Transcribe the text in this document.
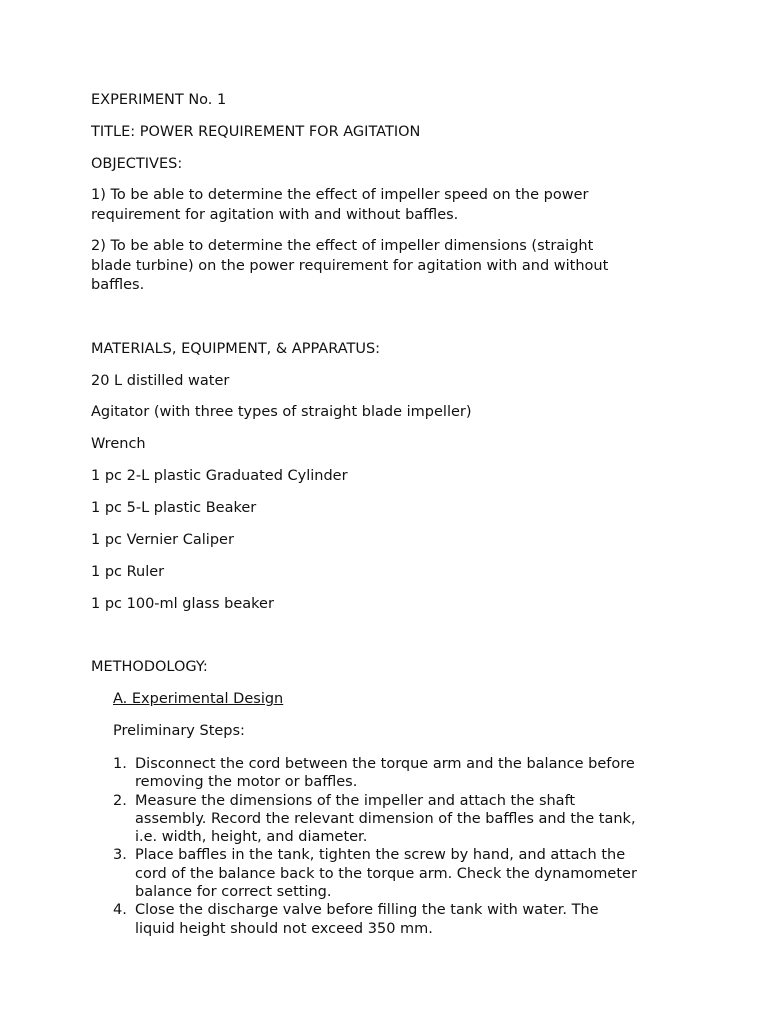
EXPERIMENT No. 1

TITLE: POWER REQUIREMENT FOR AGITATION

OBJECTIVES:

1) To be able to determine the effect of impeller speed on the power
requirement for agitation with and without baffles.

2) To be able to determine the effect of impeller dimensions (straight
blade turbine) on the power requirement for agitation with and without
baffles.

MATERIALS, EQUIPMENT, & APPARATUS:

20 L distilled water

Agitator (with three types of straight blade impeller)

Wrench

1 pc 2-L plastic Graduated Cylinder

1 pc 5-L plastic Beaker

1 pc Vernier Caliper

1 pc Ruler

1 pc 100-ml glass beaker

METHODOLOGY:

A. Experimental Design

Preliminary Steps:

1. Disconnect the cord between the torque arm and the balance before
removing the motor or baffles.
2. Measure the dimensions of the impeller and attach the shaft
assembly. Record the relevant dimension of the baffles and the tank,
i.e. width, height, and diameter.
3. Place baffles in the tank, tighten the screw by hand, and attach the
cord of the balance back to the torque arm. Check the dynamometer
balance for correct setting.
4. Close the discharge valve before filling the tank with water. The
liquid height should not exceed 350 mm.
